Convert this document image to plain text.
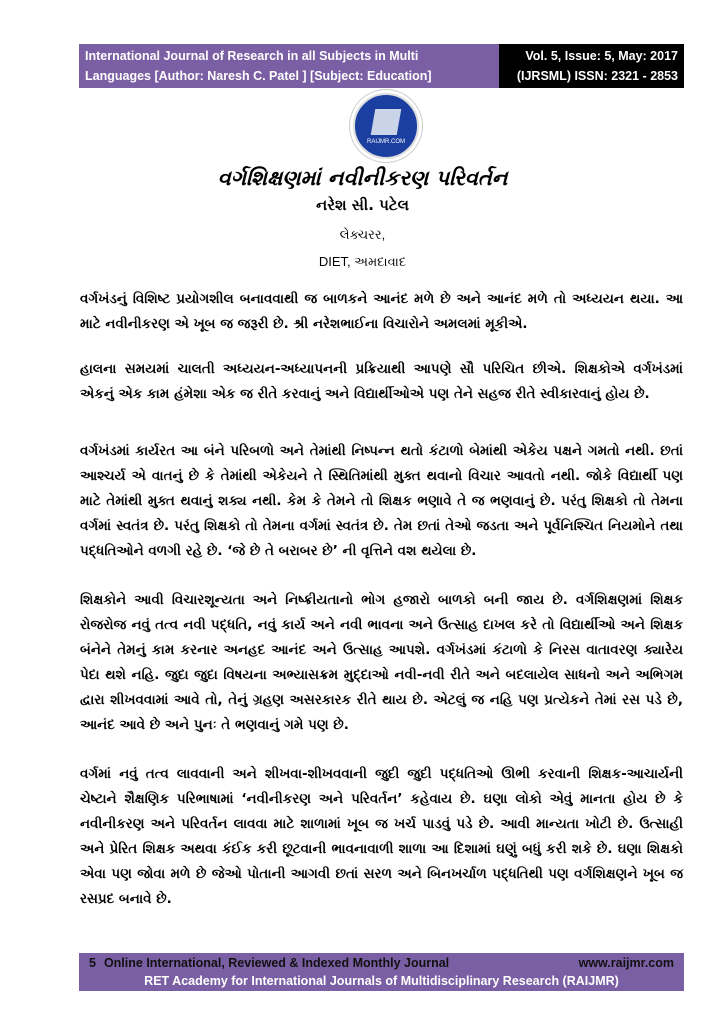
International Journal of Research in all Subjects in Multi
Languages [Author: Naresh C. Patel ] [Subject: Education]
Vol. 5, Issue: 5, May: 2017
(IJRSML) ISSN: 2321 - 2853
RAIJMR.COM
વર્ગશિક્ષણમાં નવીનીકરણ પરિવર્તન
નરેશ સી. પટેલ
લેક્ચરર,
DIET, અમદાવાદ

વર્ગખંડનું વિશિષ્ટ પ્રયોગશીલ બનાવવાથી જ બાળકને આનંદ મળે છે અને આનંદ મળે તો અધ્યયન થયા. આ માટે નવીનીકરણ એ ખૂબ જ જરૂરી છે. શ્રી નરેશભાઈના વિચારોને અમલમાં મૂકીએ.

હાલના સમયમાં ચાલતી અધ્યયન-અધ્યાપનની પ્રક્રિયાથી આપણે સૌ પરિચિત છીએ. શિક્ષકોએ વર્ગખંડમાં એકનું એક કામ હંમેશા એક જ રીતે કરવાનું અને વિદ્યાર્થીઓએ પણ તેને સહજ રીતે સ્વીકારવાનું હોય છે.

વર્ગખંડમાં કાર્યરત આ બંને પરિબળો અને તેમાંથી નિષ્પન્ન થતો કંટાળો બેમાંથી એકેય પક્ષને ગમતો નથી. છતાં આશ્ચર્ય એ વાતનું છે કે તેમાંથી એકેયને તે સ્થિતિમાંથી મુક્ત થવાનો વિચાર આવતો નથી. જોકે વિદ્યાર્થી પણ માટે તેમાંથી મુક્ત થવાનું શક્ય નથી. કેમ કે તેમને તો શિક્ષક ભણાવે તે જ ભણવાનું છે. પરંતુ શિક્ષકો તો તેમના વર્ગમાં સ્વતંત્ર છે. પરંતુ શિક્ષકો તો તેમના વર્ગમાં સ્વતંત્ર છે. તેમ છતાં તેઓ જડતા અને પૂર્વનિશ્ચિત નિયમોને તથા પદ્ધતિઓને વળગી રહે છે. ‘જે છે તે બરાબર છે’ ની વૃત્તિને વશ થયેલા છે.

શિક્ષકોને આવી વિચારશૂન્યતા અને નિષ્ક્રીયતાનો ભોગ હજારો બાળકો બની જાય છે. વર્ગશિક્ષણમાં શિક્ષક રોજરોજ નવું તત્વ નવી પદ્ધતિ, નવું કાર્ય અને નવી ભાવના અને ઉત્સાહ દાખલ કરે તો વિદ્યાર્થીઓ અને શિક્ષક બંનેને તેમનું કામ કરનાર અનહદ આનંદ અને ઉત્સાહ આપશે. વર્ગખંડમાં કંટાળો કે નિરસ વાતાવરણ ક્યારેય પેદા થશે નહિ. જુદા જુદા વિષયના અભ્યાસક્રમ મુદ્દાઓ નવી-નવી રીતે અને બદલાયેલ સાધનો અને અભિગમ દ્વારા શીખવવામાં આવે તો, તેનું ગ્રહણ અસરકારક રીતે થાય છે. એટલું જ નહિ પણ પ્રત્યેકને તેમાં રસ પડે છે, આનંદ આવે છે અને પુનઃ તે ભણવાનું ગમે પણ છે.

વર્ગમાં નવું તત્વ લાવવાની અને શીખવા-શીખવવાની જુદી જુદી પદ્ધતિઓ ઊભી કરવાની શિક્ષક-આચાર્યની ચેષ્ટાને શૈક્ષણિક પરિભાષામાં ‘નવીનીકરણ અને પરિવર્તન’ કહેવાય છે. ઘણા લોકો એવું માનતા હોય છે કે નવીનીકરણ અને પરિવર્તન લાવવા માટે શાળામાં ખૂબ જ ખર્ચ પાડવું પડે છે. આવી માન્યતા ખોટી છે. ઉત્સાહી અને પ્રેરિત શિક્ષક અથવા કંઈક કરી છૂટવાની ભાવનાવાળી શાળા આ દિશામાં ઘણું બધું કરી શકે છે. ઘણા શિક્ષકો એવા પણ જોવા મળે છે જેઓ પોતાની આગવી છતાં સરળ અને બિનખર્ચાળ પદ્ધતિથી પણ વર્ગશિક્ષણને ખૂબ જ રસપ્રદ બનાવે છે.

5 Online International, Reviewed & Indexed Monthly Journal	www.raijmr.com
RET Academy for International Journals of Multidisciplinary Research (RAIJMR)
